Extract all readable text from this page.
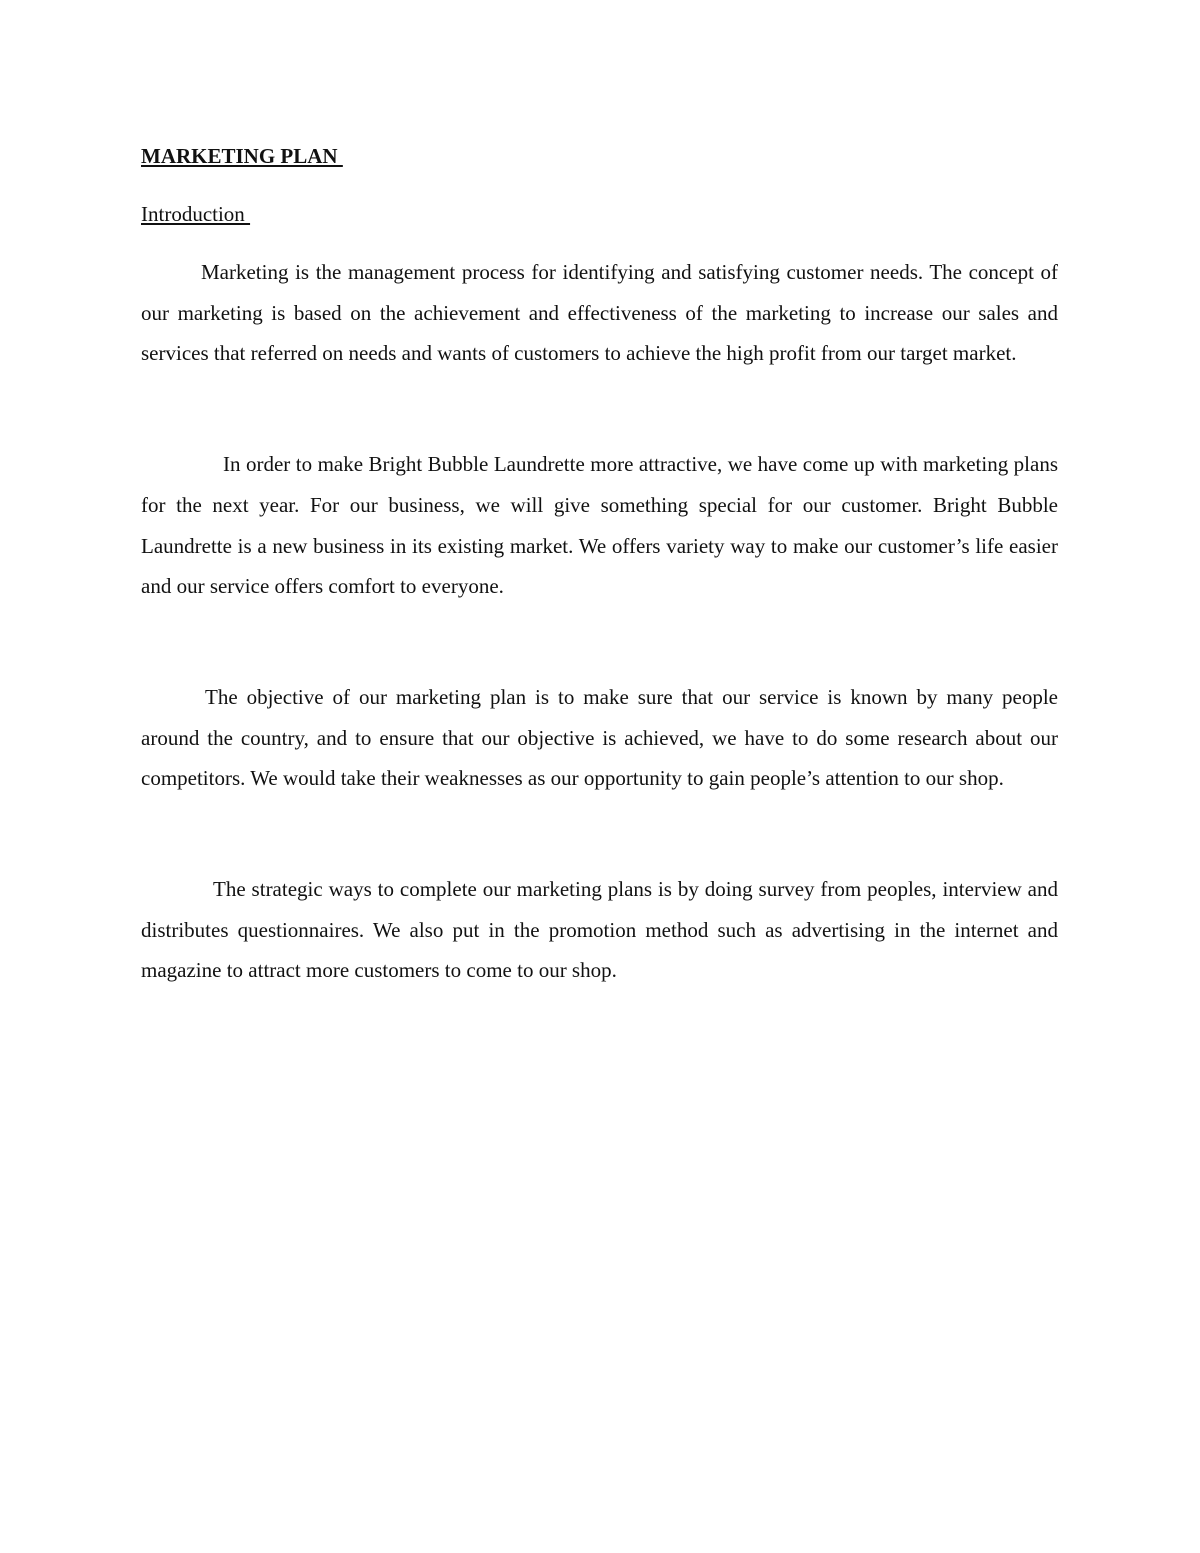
MARKETING PLAN
Introduction

Marketing is the management process for identifying and satisfying customer needs. The concept of our marketing is based on the achievement and effectiveness of the marketing to increase our sales and services that referred on needs and wants of customers to achieve the high profit from our target market.

In order to make Bright Bubble Laundrette more attractive, we have come up with marketing plans for the next year. For our business, we will give something special for our customer. Bright Bubble Laundrette is a new business in its existing market. We offers variety way to make our customer’s life easier and our service offers comfort to everyone.

The objective of our marketing plan is to make sure that our service is known by many people around the country, and to ensure that our objective is achieved, we have to do some research about our competitors. We would take their weaknesses as our opportunity to gain people’s attention to our shop.

The strategic ways to complete our marketing plans is by doing survey from peoples, interview and distributes questionnaires. We also put in the promotion method such as advertising in the internet and magazine to attract more customers to come to our shop.
